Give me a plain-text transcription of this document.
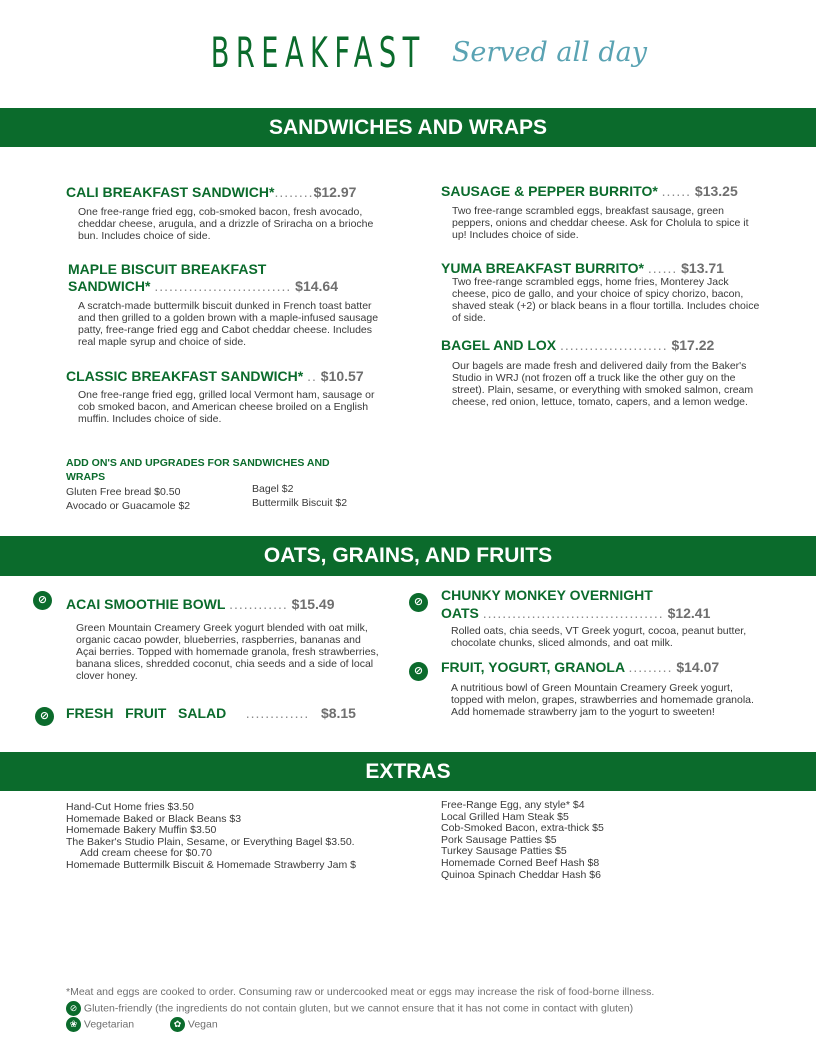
BREAKFAST Served all day
SANDWICHES AND WRAPS
CALI BREAKFAST SANDWICH*........$12.97
One free-range fried egg, cob-smoked bacon, fresh avocado, cheddar cheese, arugula, and a drizzle of Sriracha on a brioche bun. Includes choice of side.
MAPLE BISCUIT BREAKFAST
SANDWICH* ............................ $14.64
A scratch-made buttermilk biscuit dunked in French toast batter and then grilled to a golden brown with a maple-infused sausage patty, free-range fried egg and Cabot cheddar cheese. Includes real maple syrup and choice of side.
CLASSIC BREAKFAST SANDWICH* .. $10.57
One free-range fried egg, grilled local Vermont ham, sausage or cob smoked bacon, and American cheese broiled on a English muffin. Includes choice of side.
SAUSAGE & PEPPER BURRITO* ...... $13.25
Two free-range scrambled eggs, breakfast sausage, green peppers, onions and cheddar cheese. Ask for Cholula to spice it up! Includes choice of side.
YUMA BREAKFAST BURRITO* ...... $13.71
Two free-range scrambled eggs, home fries, Monterey Jack cheese, pico de gallo, and your choice of spicy chorizo, bacon, shaved steak (+2) or black beans in a flour tortilla. Includes choice of side.
BAGEL AND LOX ...................... $17.22
Our bagels are made fresh and delivered daily from the Baker's Studio in WRJ (not frozen off a truck like the other guy on the street). Plain, sesame, or everything with smoked salmon, cream cheese, red onion, lettuce, tomato, capers, and a lemon wedge.
ADD ON'S AND UPGRADES FOR SANDWICHES AND
WRAPS
Gluten Free bread $0.50
Avocado or Guacamole $2
Bagel $2
Buttermilk Biscuit $2
OATS, GRAINS, AND FRUITS
⊘	ACAI SMOOTHIE BOWL ............ $15.49
Green Mountain Creamery Greek yogurt blended with oat milk, organic cacao powder, blueberries, raspberries, bananas and Açai berries. Topped with homemade granola, fresh strawberries, banana slices, shredded coconut, chia seeds and a side of local clover honey.
⊘	FRESH   FRUIT   SALAD ............. $8.15
⊘	CHUNKY MONKEY OVERNIGHT
OATS ..................................... $12.41
Rolled oats, chia seeds, VT Greek yogurt, cocoa, peanut butter, chocolate chunks, sliced almonds, and oat milk.
⊘	FRUIT, YOGURT, GRANOLA ......... $14.07
A nutritious bowl of Green Mountain Creamery Greek yogurt, topped with melon, grapes, strawberries and homemade granola. Add homemade strawberry jam to the yogurt to sweeten!
EXTRAS
Hand-Cut Home fries $3.50
Homemade Baked or Black Beans $3
Homemade Bakery Muffin $3.50
The Baker's Studio Plain, Sesame, or Everything Bagel $3.50.
Add cream cheese for $0.70
Homemade Buttermilk Biscuit & Homemade Strawberry Jam $
Free-Range Egg, any style* $4
Local Grilled Ham Steak $5
Cob-Smoked Bacon, extra-thick $5
Pork Sausage Patties $5
Turkey Sausage Patties $5
Homemade Corned Beef Hash $8
Quinoa Spinach Cheddar Hash $6
*Meat and eggs are cooked to order. Consuming raw or undercooked meat or eggs may increase the risk of food-borne illness.
⊘ Gluten-friendly (the ingredients do not contain gluten, but we cannot ensure that it has not come in contact with gluten)
❀ Vegetarian	✿ Vegan
